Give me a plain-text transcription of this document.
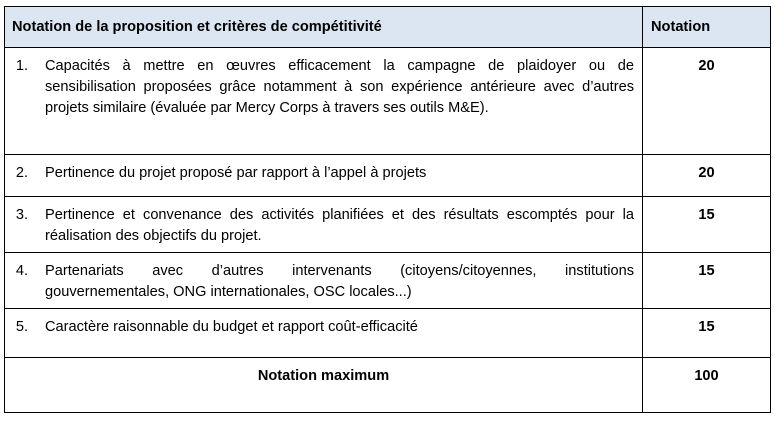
Notation de la proposition et critères de compétitivité	Notation

1. Capacités à mettre en œuvres efficacement la campagne de plaidoyer ou de sensibilisation proposées grâce notamment à son expérience antérieure avec d’autres projets similaire (évaluée par Mercy Corps à travers ses outils M&E).	20

2. Pertinence du projet proposé par rapport à l’appel à projets	20

3. Pertinence et convenance des activités planifiées et des résultats escomptés pour la réalisation des objectifs du projet.	15

4. Partenariats avec d’autres intervenants (citoyens/citoyennes, institutions gouvernementales, ONG internationales, OSC locales...)	15

5. Caractère raisonnable du budget et rapport coût-efficacité	15
Notation maximum	100
